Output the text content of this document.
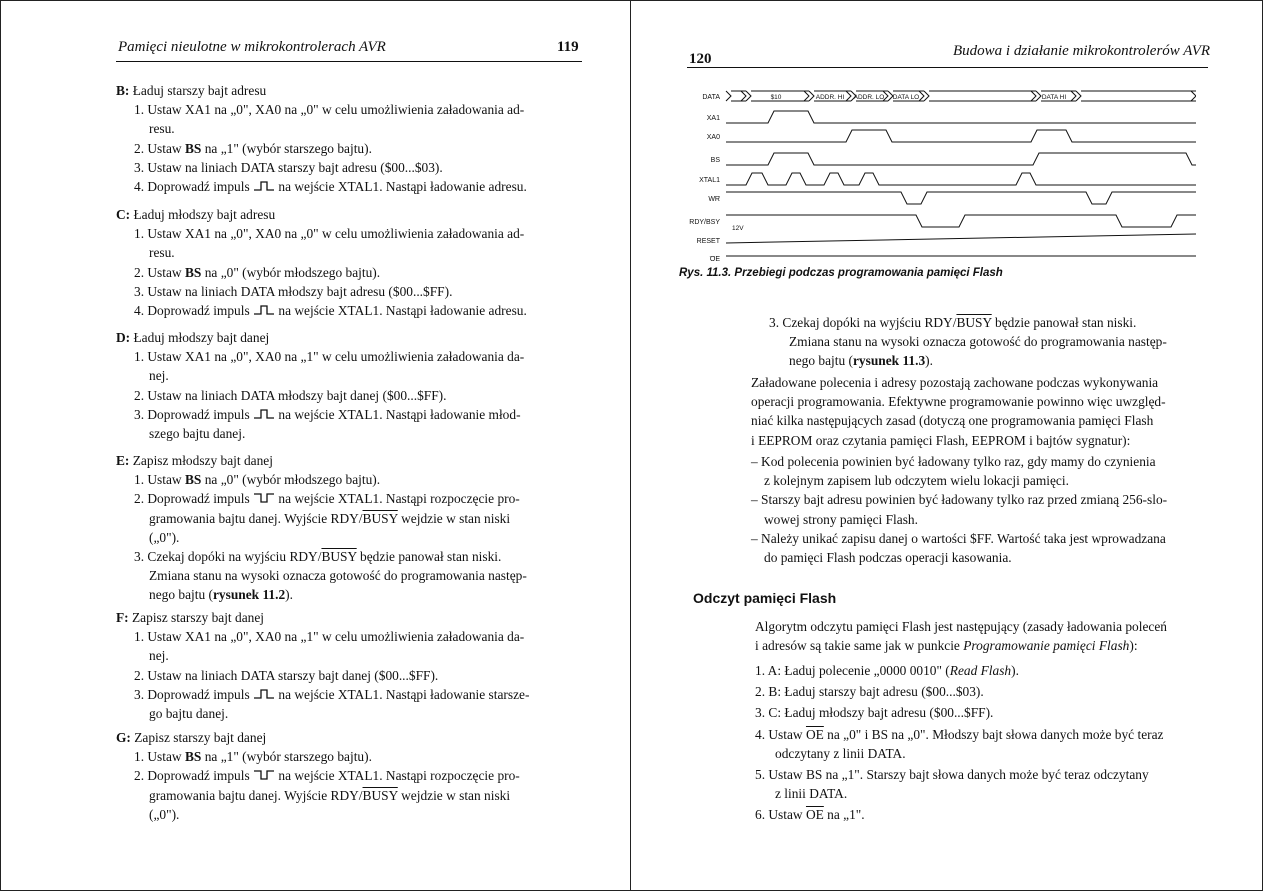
Pamięci nieulotne w mikrokontrolerach AVR	119
B: Ładuj starszy bajt adresu
1. Ustaw XA1 na „0", XA0 na „0" w celu umożliwienia załadowania ad-
resu.
2. Ustaw BS na „1" (wybór starszego bajtu).
3. Ustaw na liniach DATA starszy bajt adresu ($00...$03).
4. Doprowadź impuls na wejście XTAL1. Nastąpi ładowanie adresu.
C: Ładuj młodszy bajt adresu
1. Ustaw XA1 na „0", XA0 na „0" w celu umożliwienia załadowania ad-
resu.
2. Ustaw BS na „0" (wybór młodszego bajtu).
3. Ustaw na liniach DATA młodszy bajt adresu ($00...$FF).
4. Doprowadź impuls na wejście XTAL1. Nastąpi ładowanie adresu.
D: Ładuj młodszy bajt danej
1. Ustaw XA1 na „0", XA0 na „1" w celu umożliwienia załadowania da-
nej.
2. Ustaw na liniach DATA młodszy bajt danej ($00...$FF).
3. Doprowadź impuls na wejście XTAL1. Nastąpi ładowanie młod-
szego bajtu danej.
E: Zapisz młodszy bajt danej
1. Ustaw BS na „0" (wybór młodszego bajtu).
2. Doprowadź impuls na wejście XTAL1. Nastąpi rozpoczęcie pro-
gramowania bajtu danej. Wyjście RDY/BUSY wejdzie w stan niski
(„0").
3. Czekaj dopóki na wyjściu RDY/BUSY będzie panował stan niski.
Zmiana stanu na wysoki oznacza gotowość do programowania następ-
nego bajtu (rysunek 11.2).
F: Zapisz starszy bajt danej
1. Ustaw XA1 na „0", XA0 na „1" w celu umożliwienia załadowania da-
nej.
2. Ustaw na liniach DATA starszy bajt danej ($00...$FF).
3. Doprowadź impuls na wejście XTAL1. Nastąpi ładowanie starsze-
go bajtu danej.
G: Zapisz starszy bajt danej
1. Ustaw BS na „1" (wybór starszego bajtu).
2. Doprowadź impuls na wejście XTAL1. Nastąpi rozpoczęcie pro-
gramowania bajtu danej. Wyjście RDY/BUSY wejdzie w stan niski
(„0").
120	Budowa i działanie mikrokontrolerów AVR
DATA
XA1
XA0
BS
XTAL1
WR
RDY/BSY
RESET
OE
$10	ADDR. HI ADDR. LO DATA LO	DATA HI
12V
Rys. 11.3. Przebiegi podczas programowania pamięci Flash
3. Czekaj dopóki na wyjściu RDY/BUSY będzie panował stan niski.
Zmiana stanu na wysoki oznacza gotowość do programowania następ-
nego bajtu (rysunek 11.3).
Załadowane polecenia i adresy pozostają zachowane podczas wykonywania
operacji programowania. Efektywne programowanie powinno więc uwzględ-
niać kilka następujących zasad (dotyczą one programowania pamięci Flash
i EEPROM oraz czytania pamięci Flash, EEPROM i bajtów sygnatur):
– Kod polecenia powinien być ładowany tylko raz, gdy mamy do czynienia
z kolejnym zapisem lub odczytem wielu lokacji pamięci.
– Starszy bajt adresu powinien być ładowany tylko raz przed zmianą 256-slo-
wowej strony pamięci Flash.
– Należy unikać zapisu danej o wartości $FF. Wartość taka jest wprowadzana
do pamięci Flash podczas operacji kasowania.
Odczyt pamięci Flash
Algorytm odczytu pamięci Flash jest następujący (zasady ładowania poleceń
i adresów są takie same jak w punkcie Programowanie pamięci Flash):
1. A: Ładuj polecenie „0000 0010" (Read Flash).
2. B: Ładuj starszy bajt adresu ($00...$03).
3. C: Ładuj młodszy bajt adresu ($00...$FF).
4. Ustaw $\overline{OE}$ na „0" i BS na „0". Młodszy bajt słowa danych może być teraz
odczytany z linii DATA.
5. Ustaw BS na „1". Starszy bajt słowa danych może być teraz odczytany
z linii DATA.
6. Ustaw $\overline{OE}$ na „1".
